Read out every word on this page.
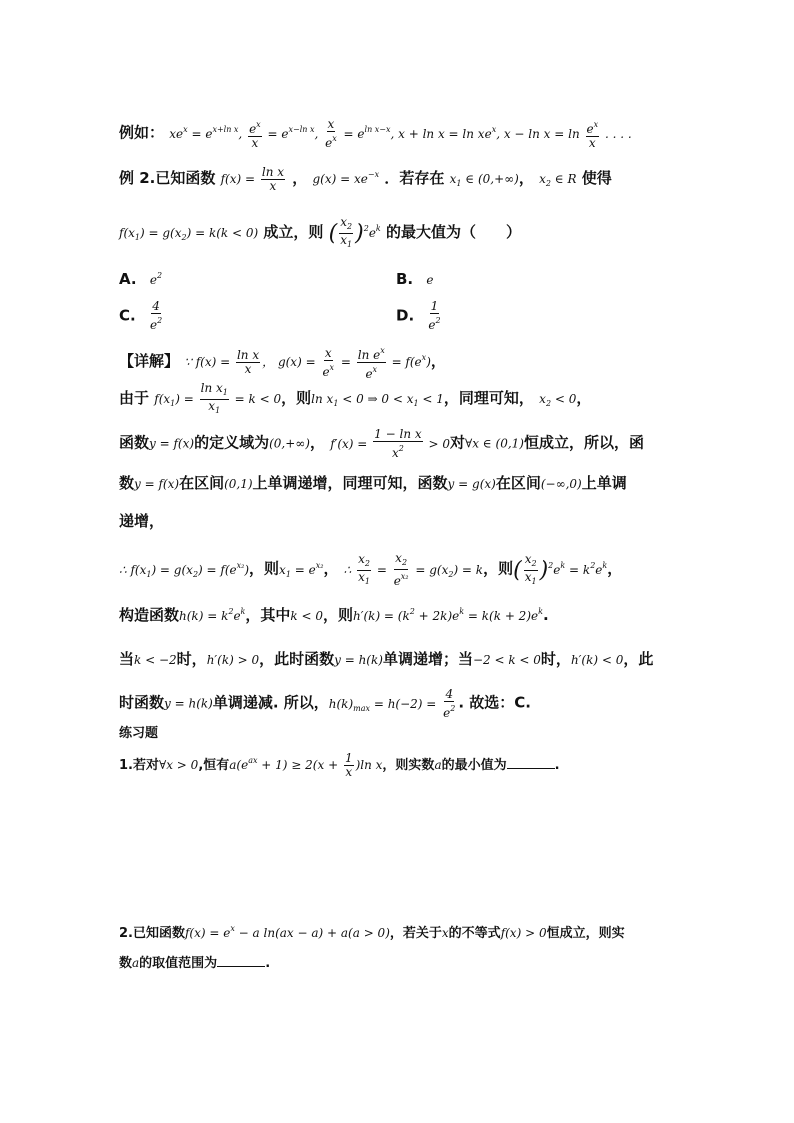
例如： $xe^x = e^{x+ln x}$, $\frac{e^x}{x} = e^{x-ln x}$, $\frac{x}{e^x} = e^{ln x-x}$, $x + \ln x = \ln xe^x$, $x - \ln x = \ln \frac{e^x}{x}$ . . . .
例 2.已知函数 $f(x) = \frac{\text{ln x}}{x}$ ， $g(x) = xe^{-x}$ ．若存在 $x_1$ ∈ (0,+∞)， $x_2$ ∈ R 使得
$f(x_1) = g(x_2) = k(k < 0)$ 成立，则 ( $\frac{x_2}{x_1} )^2e^k$ 的最大值为（　　）
A. $e^2$	B. e
C. $\frac{4}{e^2}$	D. $\frac{1}{e^2}$
【详解】 ∵ $f(x) = \frac{\text{ln x}}{x}$ ， $g(x) = \frac{x}{e^x} = \frac{\ln e^x}{e^x} = f(e^x)$，
由于 $f(x_1) = \frac{\ln x_1}{x_1} = k < 0$，则$\ln x_1 < 0$ ⇒ $0 < x_1 < 1$，同理可知， $x_2 < 0$，
函数y = f(x)的定义域为(0,+∞)， $f'(x) = \frac{\text{1 − ln x}}{x^2} > 0$对∀x ∈ (0,1)恒成立，所以，函
数y = f(x)在区间(0,1)上单调递增，同理可知，函数y = g(x)在区间(−∞,0)上单调
递增，
∴ $f(x_1) = g(x_2) = f(e^{x_2})$，则$x_1 = e^{x_2}$， ∴ $\frac{x_2}{x_1} = \frac{x_2}{e^{x_2}} = g(x_2) = k$，则( $\frac{x_2}{x_1} )^2e^k = k^2e^k$，
构造函数$h(k) = k^2e^k$，其中k < 0，则$h'(k) = (k^2 + 2k)e^k = k(k + 2)e^k$.
当k < −2时，h′(k) > 0，此时函数y = h(k)单调递增；当−2 < k < 0时，h′(k) < 0，此
时函数y = h(k)单调递减. 所以，$h(k)_{max} = h(-2) = \frac{4}{e^2}$ . 故选：C.
练习题
1.若对∀x > 0,恒有$a(e^{ax} + 1) \ge 2(x + \frac{1}{x} )\ln$ x，则实数a的最小值为	.
2.已知函数$f(x) = e^x - a$ ln(ax − a) + a(a > 0)，若关于x的不等式f(x) > 0恒成立，则实
数a的取值范围为	.
